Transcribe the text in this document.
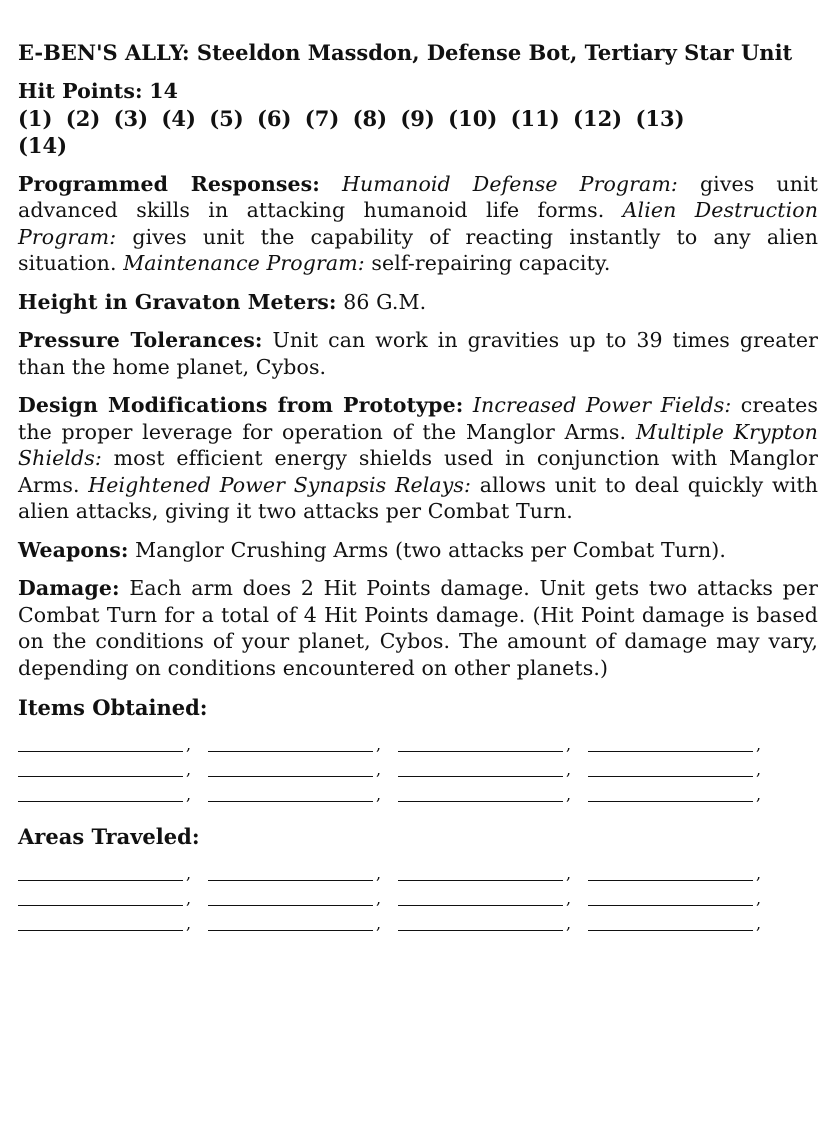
E-BEN'S ALLY: Steeldon Massdon, Defense Bot, Tertiary Star Unit
Hit Points: 14
(1) (2) (3) (4) (5) (6) (7) (8) (9) (10) (11) (12) (13)
(14)
Programmed Responses: Humanoid Defense Program: gives unit advanced skills in attacking humanoid life forms. Alien Destruction Program: gives unit the capability of reacting instantly to any alien situation. Maintenance Program: self-repairing capacity.
Height in Gravaton Meters: 86 G.M.
Pressure Tolerances: Unit can work in gravities up to 39 times greater than the home planet, Cybos.
Design Modifications from Prototype: Increased Power Fields: creates the proper leverage for operation of the Manglor Arms. Multiple Krypton Shields: most efficient energy shields used in conjunction with Manglor Arms. Heightened Power Synapsis Relays: allows unit to deal quickly with alien attacks, giving it two attacks per Combat Turn.
Weapons: Manglor Crushing Arms (two attacks per Combat Turn).
Damage: Each arm does 2 Hit Points damage. Unit gets two attacks per Combat Turn for a total of 4 Hit Points damage. (Hit Point damage is based on the conditions of your planet, Cybos. The amount of damage may vary, depending on conditions encountered on other planets.)
Items Obtained:
,	,	,	,
,	,	,	,
,	,	,	,
Areas Traveled:
,	,	,	,
,	,	,	,
,	,	,	,
